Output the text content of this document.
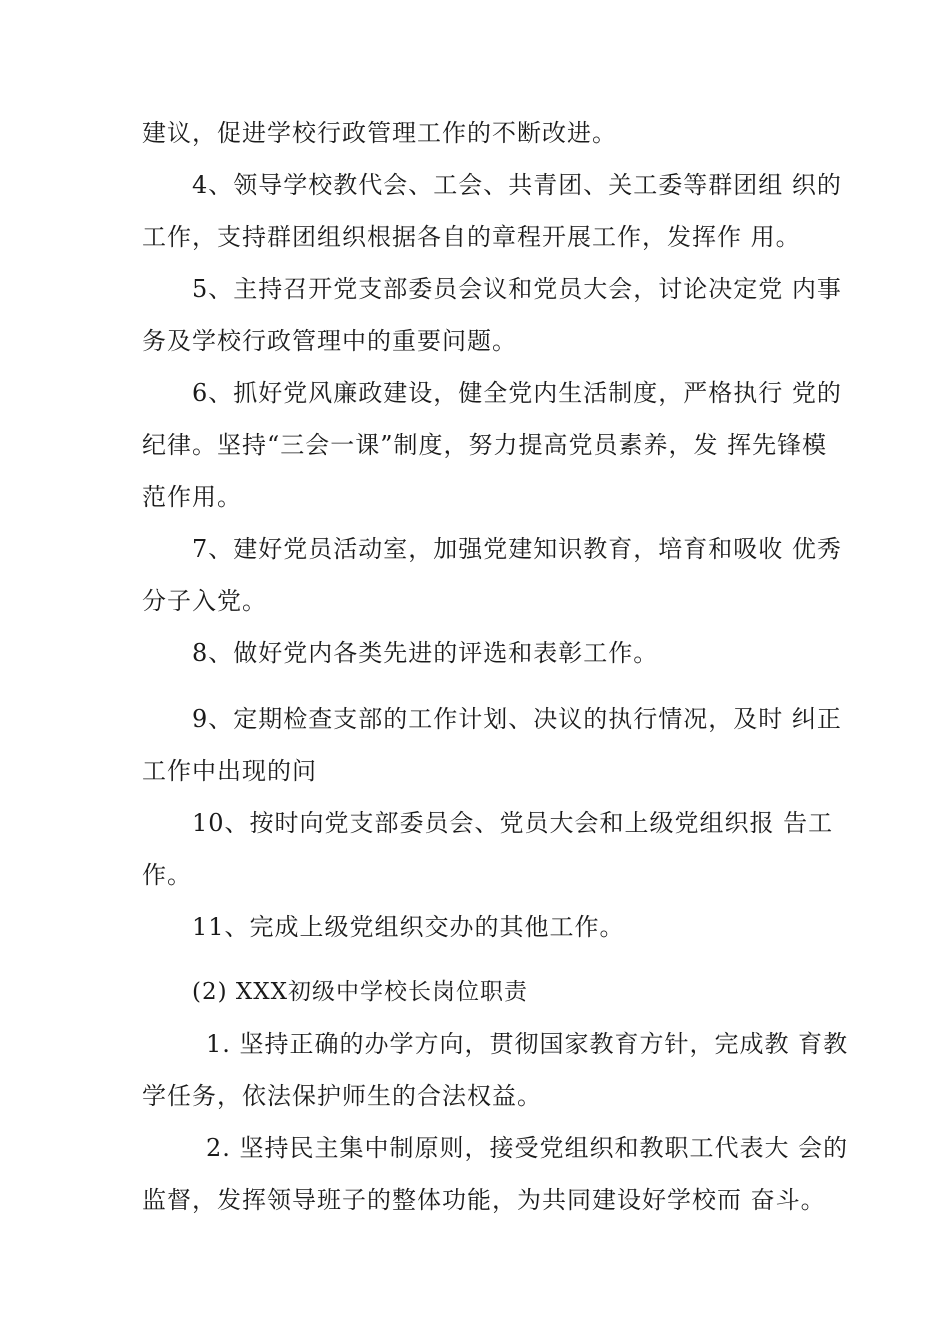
建议，促进学校行政管理工作的不断改进。
4、领导学校教代会、工会、共青团、关工委等群团组 织的
工作，支持群团组织根据各自的章程开展工作，发挥作 用。
5、主持召开党支部委员会议和党员大会，讨论决定党 内事
务及学校行政管理中的重要问题。
6、抓好党风廉政建设，健全党内生活制度，严格执行 党的
纪律。坚持“三会一课”制度，努力提高党员素养，发 挥先锋模
范作用。
7、建好党员活动室，加强党建知识教育，培育和吸收 优秀
分子入党。
8、做好党内各类先进的评选和表彰工作。
9、定期检查支部的工作计划、决议的执行情况，及时 纠正
工作中出现的问
10、按时向党支部委员会、党员大会和上级党组织报 告工
作。
11、完成上级党组织交办的其他工作。
(2) XXX初级中学校长岗位职责
1. 坚持正确的办学方向，贯彻国家教育方针，完成教 育教
学任务，依法保护师生的合法权益。
2. 坚持民主集中制原则，接受党组织和教职工代表大 会的
监督，发挥领导班子的整体功能，为共同建设好学校而 奋斗。
